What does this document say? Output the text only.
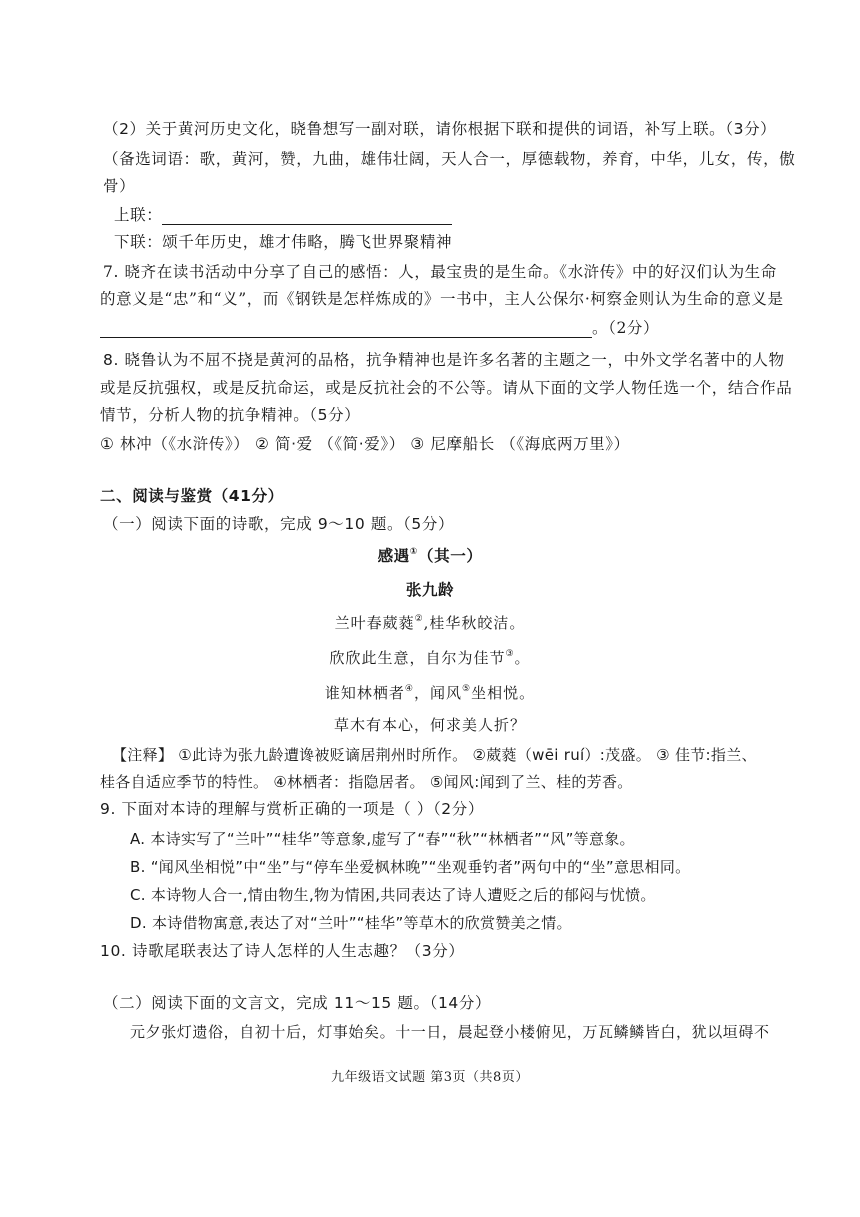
（2）关于黄河历史文化，晓鲁想写一副对联，请你根据下联和提供的词语，补写上联。（3分）
（备选词语：歌，黄河，赞，九曲，雄伟壮阔，天人合一，厚德载物，养育，中华，儿女，传，傲
骨）
上联：
下联：颂千年历史，雄才伟略，腾飞世界聚精神
7. 晓齐在读书活动中分享了自己的感悟：人，最宝贵的是生命。《水浒传》中的好汉们认为生命
的意义是“忠”和“义”，而《钢铁是怎样炼成的》一书中，主人公保尔·柯察金则认为生命的意义是
。（2分）
8. 晓鲁认为不屈不挠是黄河的品格，抗争精神也是许多名著的主题之一，中外文学名著中的人物
或是反抗强权，或是反抗命运，或是反抗社会的不公等。请从下面的文学人物任选一个，结合作品
情节，分析人物的抗争精神。（5分）
① 林冲（《水浒传》） ② 简·爱 （《简·爱》） ③ 尼摩船长 （《海底两万里》）
二、阅读与鉴赏（41分）
（一）阅读下面的诗歌，完成 9～10 题。（5分）
感遇①（其一）
张九龄
兰叶春葳蕤②,桂华秋皎洁。
欣欣此生意，自尔为佳节③。
谁知林栖者④，闻风⑤坐相悦。
草木有本心，何求美人折？
【注释】 ①此诗为张九龄遭谗被贬谪居荆州时所作。 ②葳蕤（wēi ruí）:茂盛。 ③ 佳节:指兰、
桂各自适应季节的特性。 ④林栖者：指隐居者。 ⑤闻风:闻到了兰、桂的芳香。
9. 下面对本诗的理解与赏析正确的一项是（ ）（2分）
A. 本诗实写了“兰叶”“桂华”等意象,虚写了“春”“秋”“林栖者”“风”等意象。
B. “闻风坐相悦”中“坐”与“停车坐爱枫林晚”“坐观垂钓者”两句中的“坐”意思相同。
C. 本诗物人合一,情由物生,物为情困,共同表达了诗人遭贬之后的郁闷与忧愤。
D. 本诗借物寓意,表达了对“兰叶”“桂华”等草木的欣赏赞美之情。
10. 诗歌尾联表达了诗人怎样的人生志趣？（3分）
（二）阅读下面的文言文，完成 11～15 题。（14分）
元夕张灯遗俗，自初十后，灯事始矣。十一日，晨起登小楼俯见，万瓦鳞鳞皆白，犹以垣碍不
九年级语文试题 第3页（共8页）
